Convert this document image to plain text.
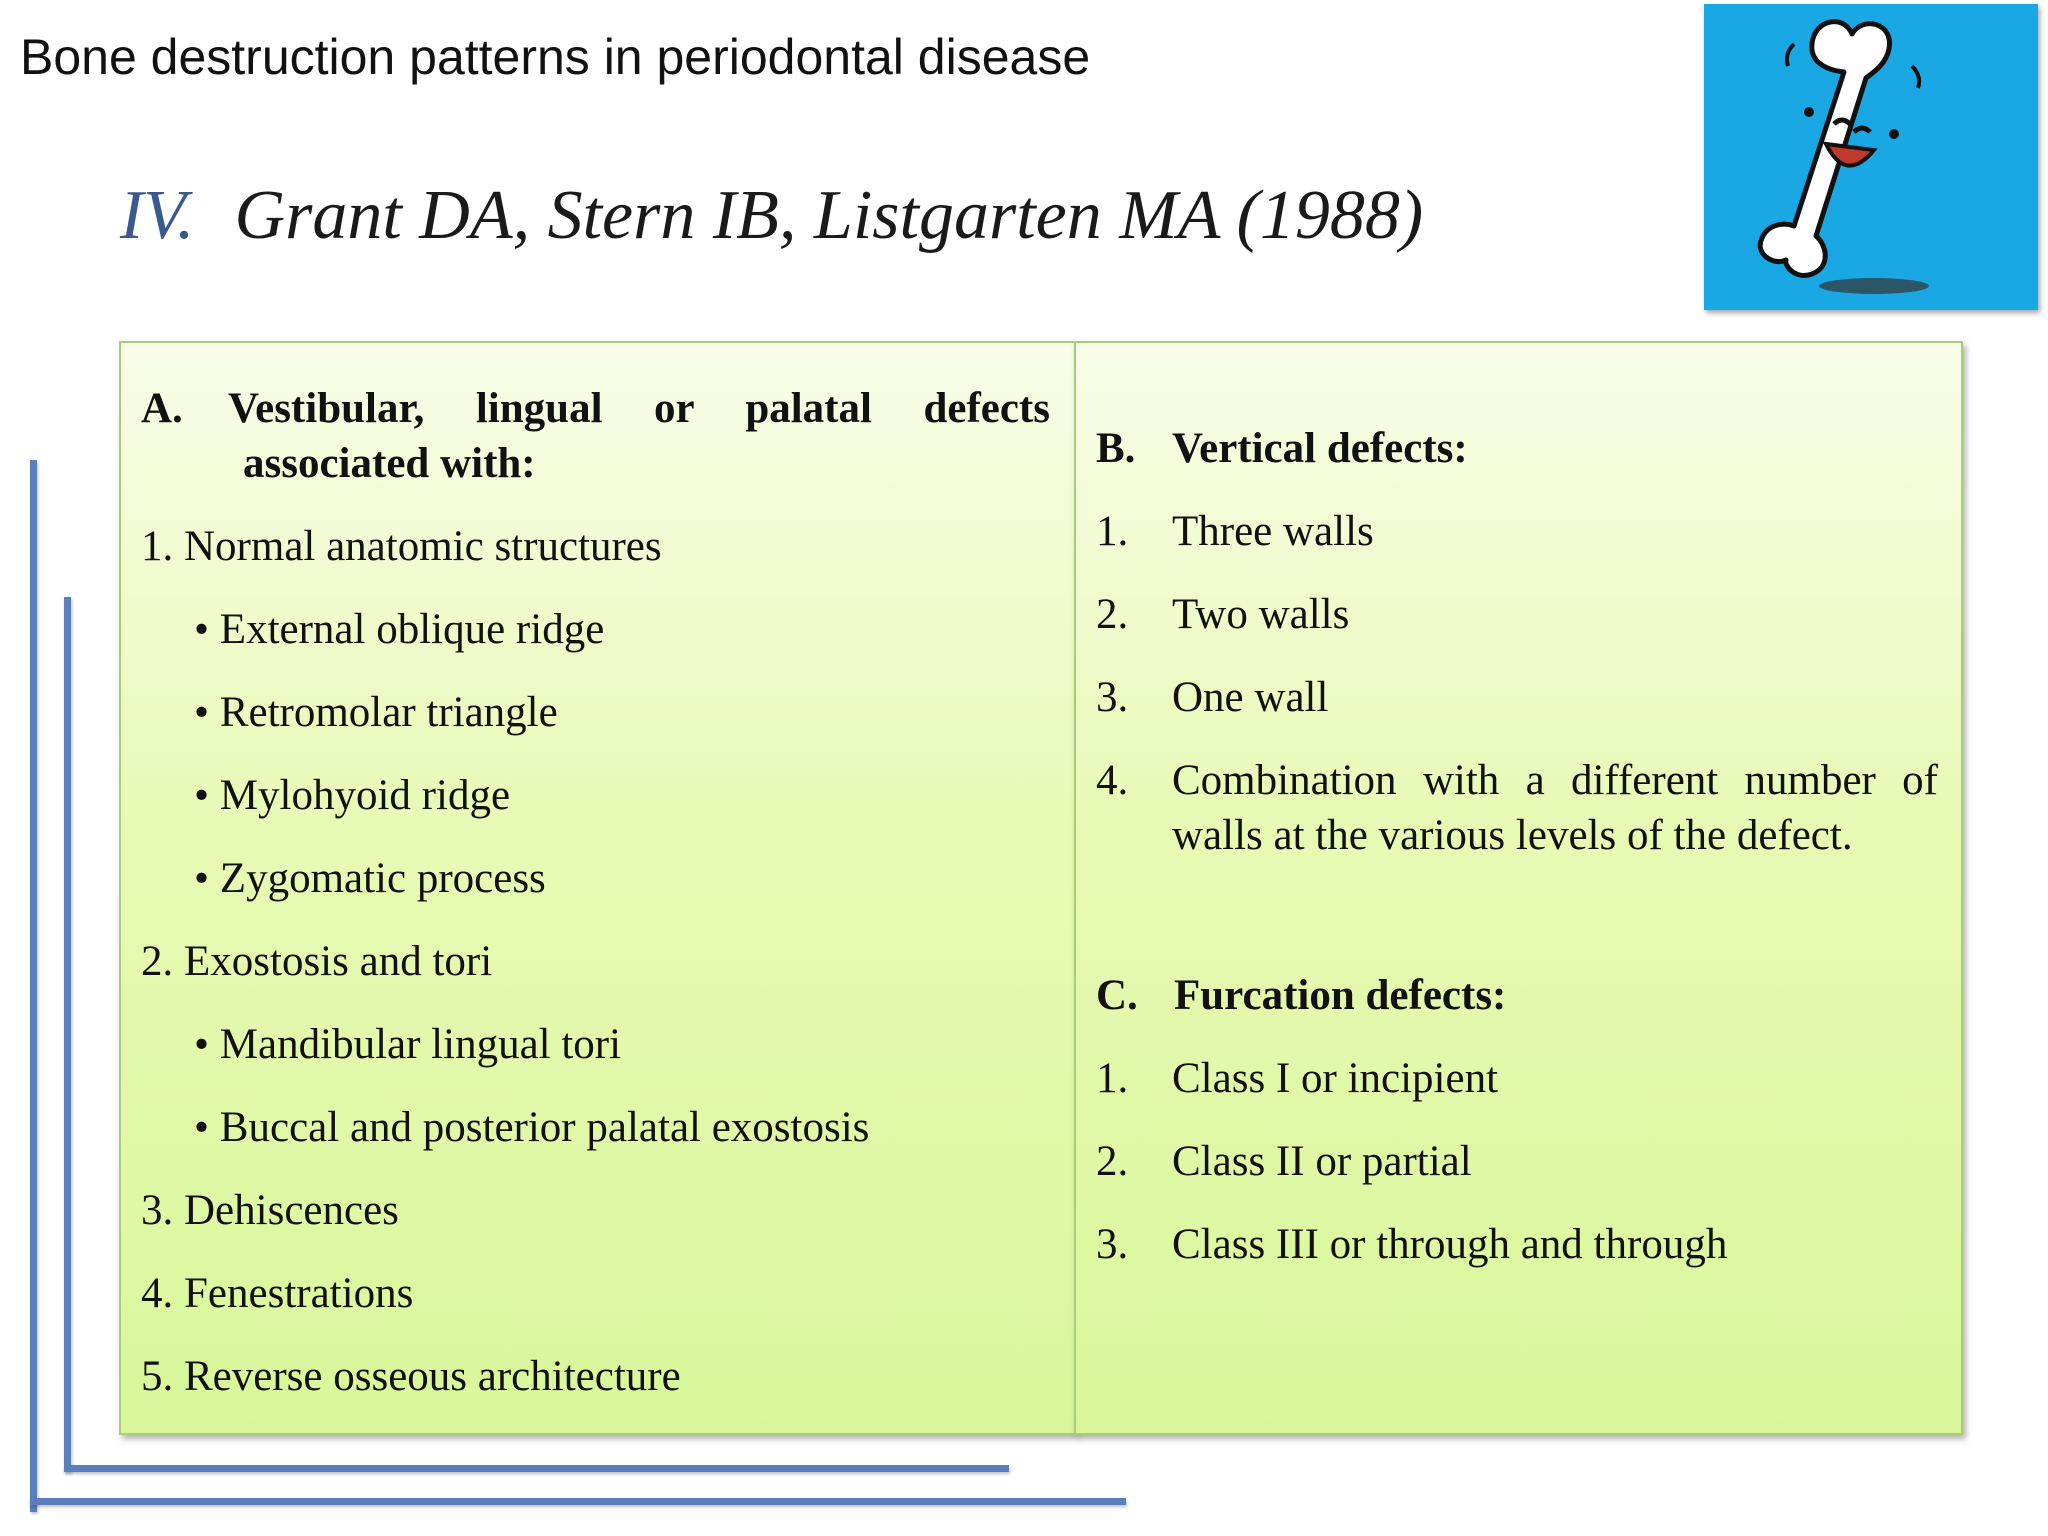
Bone destruction patterns in periodontal disease
IV. Grant DA, Stern IB, Listgarten MA (1988)
A. Vestibular, lingual or palatal defects
associated with:
1. Normal anatomic structures
• External oblique ridge
• Retromolar triangle
• Mylohyoid ridge
• Zygomatic process
2. Exostosis and tori
• Mandibular lingual tori
• Buccal and posterior palatal exostosis
3. Dehiscences
4. Fenestrations
5. Reverse osseous architecture
B. Vertical defects:
1. Three walls
2. Two walls
3. One wall
4. Combination with a different number of
walls at the various levels of the defect.
C. Furcation defects:
1. Class I or incipient
2. Class II or partial
3. Class III or through and through
